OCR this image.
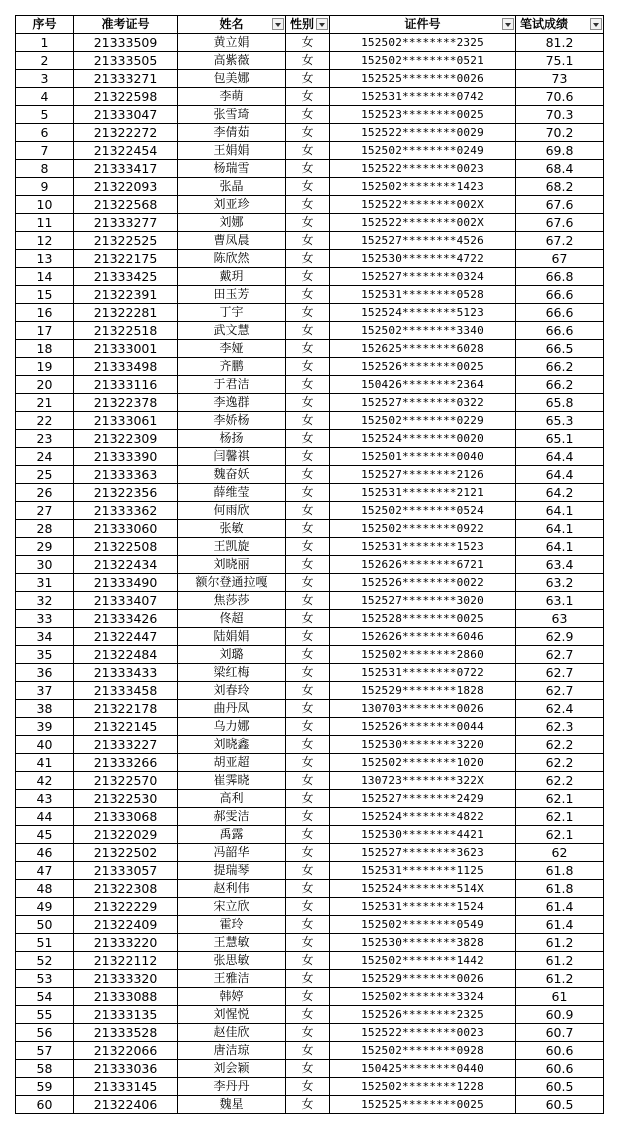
序号	准考证号	姓名	性别	证件号	笔试成绩

1	21333509	黄立娟	女	152502********2325	81.2
2	21333505	高紫薇	女	152502********0521	75.1
3	21333271	包美娜	女	152525********0026	73
4	21322598	李萌	女	152531********0742	70.6
5	21333047	张雪琦	女	152523********0025	70.3
6	21322272	李倩茹	女	152522********0029	70.2
7	21322454	王娟娟	女	152502********0249	69.8
8	21333417	杨瑞雪	女	152522********0023	68.4
9	21322093	张晶	女	152502********1423	68.2
10	21322568	刘亚珍	女	152522********002X	67.6
11	21333277	刘娜	女	152522********002X	67.6
12	21322525	曹凤晨	女	152527********4526	67.2
13	21322175	陈欣然	女	152530********4722	67
14	21333425	戴玥	女	152527********0324	66.8
15	21322391	田玉芳	女	152531********0528	66.6
16	21322281	丁宇	女	152524********5123	66.6
17	21322518	武文慧	女	152502********3340	66.6
18	21333001	李娅	女	152625********6028	66.5
19	21333498	齐鹏	女	152526********0025	66.2
20	21333116	于君洁	女	150426********2364	66.2
21	21322378	李逸群	女	152527********0322	65.8
22	21333061	李娇杨	女	152502********0229	65.3
23	21322309	杨扬	女	152524********0020	65.1
24	21333390	闫馨祺	女	152501********0040	64.4
25	21333363	魏奋妖	女	152527********2126	64.4
26	21322356	薛维莹	女	152531********2121	64.2
27	21333362	何雨欣	女	152502********0524	64.1
28	21333060	张敏	女	152502********0922	64.1
29	21322508	王凯旋	女	152531********1523	64.1
30	21322434	刘晓丽	女	152626********6721	63.4
31	21333490	额尔登通拉嘎	女	152526********0022	63.2
32	21333407	焦莎莎	女	152527********3020	63.1
33	21333426	佟超	女	152528********0025	63
34	21322447	陆娟娟	女	152626********6046	62.9
35	21322484	刘璐	女	152502********2860	62.7
36	21333433	梁红梅	女	152531********0722	62.7
37	21333458	刘春玲	女	152529********1828	62.7
38	21322178	曲丹凤	女	130703********0026	62.4
39	21322145	乌力娜	女	152526********0044	62.3
40	21333227	刘晓鑫	女	152530********3220	62.2
41	21333266	胡亚超	女	152502********1020	62.2
42	21322570	崔霁晓	女	130723********322X	62.2
43	21322530	高利	女	152527********2429	62.1
44	21333068	郝雯洁	女	152524********4822	62.1
45	21322029	禹露	女	152530********4421	62.1
46	21322502	冯韶华	女	152527********3623	62
47	21333057	提瑞琴	女	152531********1125	61.8
48	21322308	赵利伟	女	152524********514X	61.8
49	21322229	宋立欣	女	152531********1524	61.4
50	21322409	霍玲	女	152502********0549	61.4
51	21333220	王慧敏	女	152530********3828	61.2
52	21322112	张思敏	女	152502********1442	61.2
53	21333320	王雅洁	女	152529********0026	61.2
54	21333088	韩婷	女	152502********3324	61
55	21333135	刘惺悦	女	152526********2325	60.9
56	21333528	赵佳欣	女	152522********0023	60.7
57	21322066	唐洁琼	女	152502********0928	60.6
58	21333036	刘会颖	女	150425********0440	60.6
59	21333145	李丹丹	女	152502********1228	60.5
60	21322406	魏星	女	152525********0025	60.5
